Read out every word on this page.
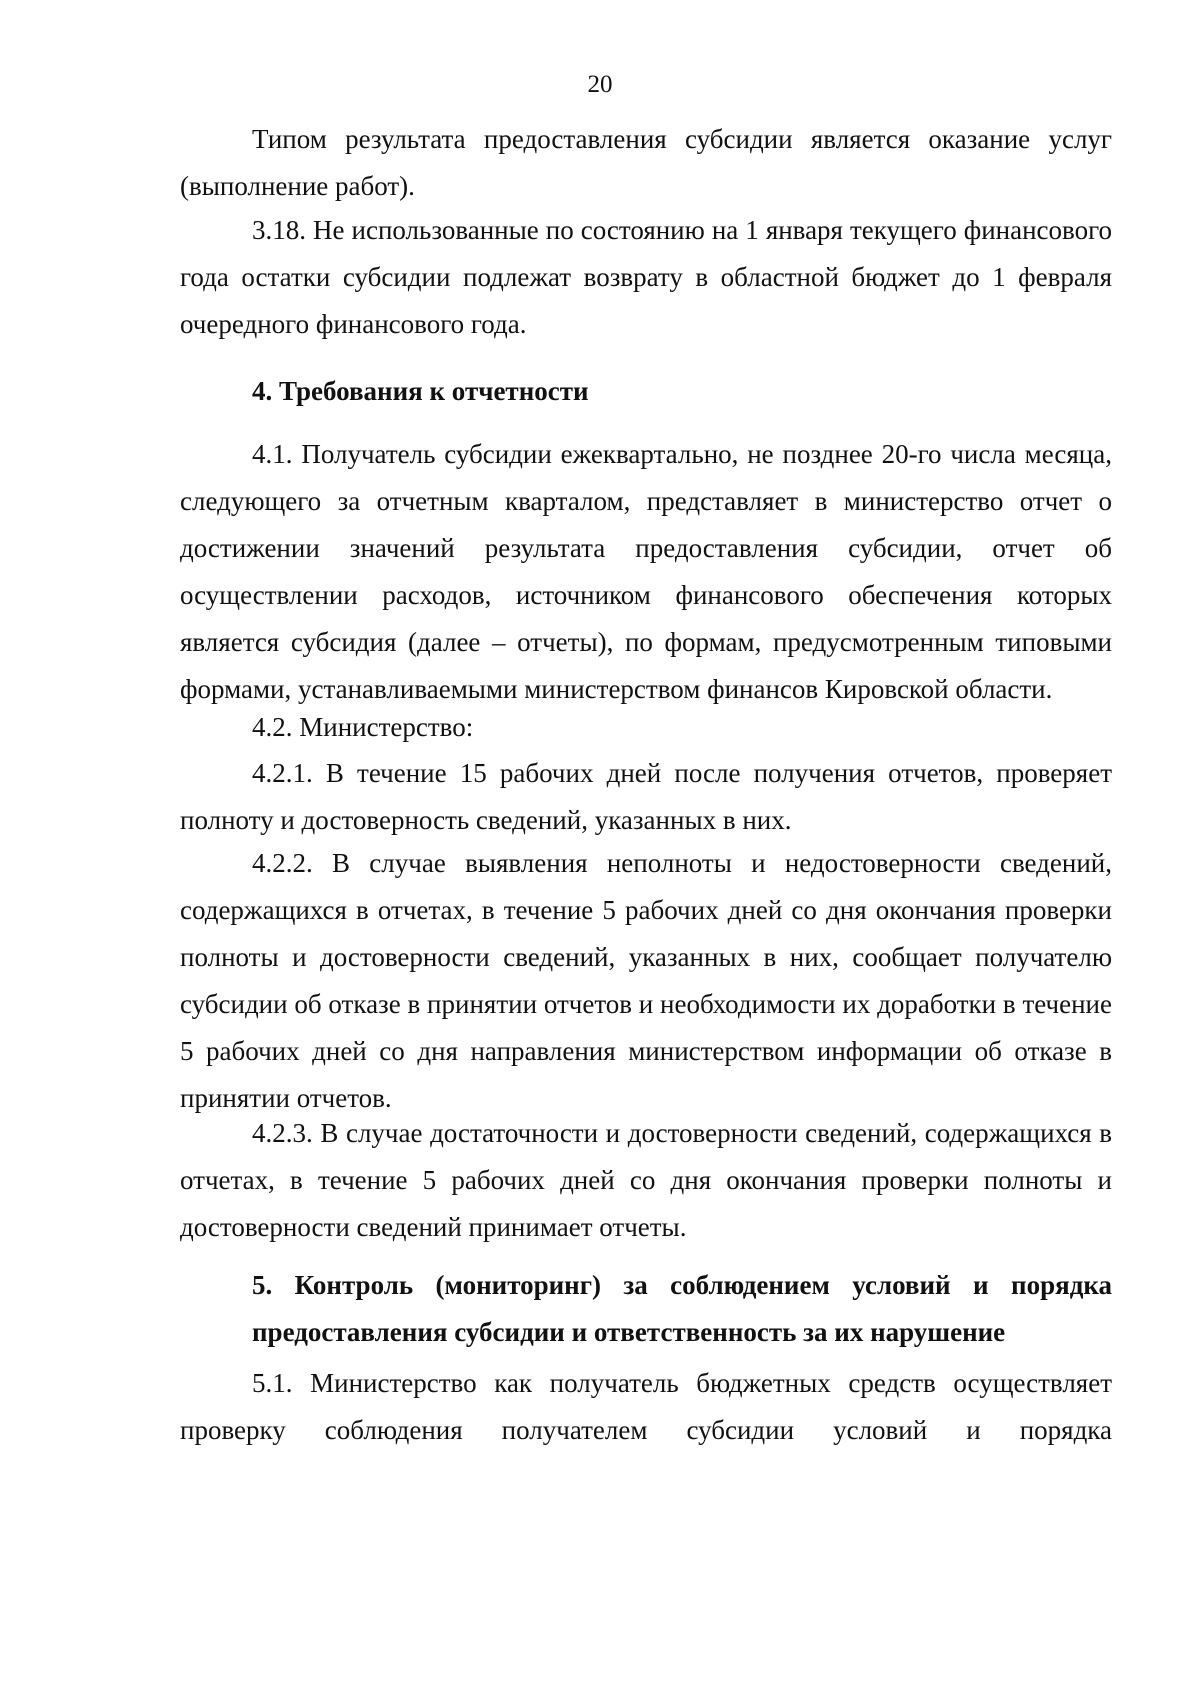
20

Типом результата предоставления субсидии является оказание услуг (выполнение работ).

3.18. Не использованные по состоянию на 1 января текущего финансового года остатки субсидии подлежат возврату в областной бюджет до 1 февраля очередного финансового года.

4. Требования к отчетности

4.1. Получатель субсидии ежеквартально, не позднее 20-го числа месяца, следующего за отчетным кварталом, представляет в министерство отчет о достижении значений результата предоставления субсидии, отчет об осуществлении расходов, источником финансового обеспечения которых является субсидия (далее – отчеты), по формам, предусмотренным типовыми формами, устанавливаемыми министерством финансов Кировской области.

4.2. Министерство:

4.2.1. В течение 15 рабочих дней после получения отчетов, проверяет полноту и достоверность сведений, указанных в них.

4.2.2. В случае выявления неполноты и недостоверности сведений, содержащихся в отчетах, в течение 5 рабочих дней со дня окончания проверки полноты и достоверности сведений, указанных в них, сообщает получателю субсидии об отказе в принятии отчетов и необходимости их доработки в течение 5 рабочих дней со дня направления министерством информации об отказе в принятии отчетов.

4.2.3. В случае достаточности и достоверности сведений, содержащихся в отчетах, в течение 5 рабочих дней со дня окончания проверки полноты и достоверности сведений принимает отчеты.

5. Контроль (мониторинг) за соблюдением условий и порядка предоставления субсидии и ответственность за их нарушение

5.1. Министерство как получатель бюджетных средств осуществляет проверку соблюдения получателем субсидии условий и порядка
